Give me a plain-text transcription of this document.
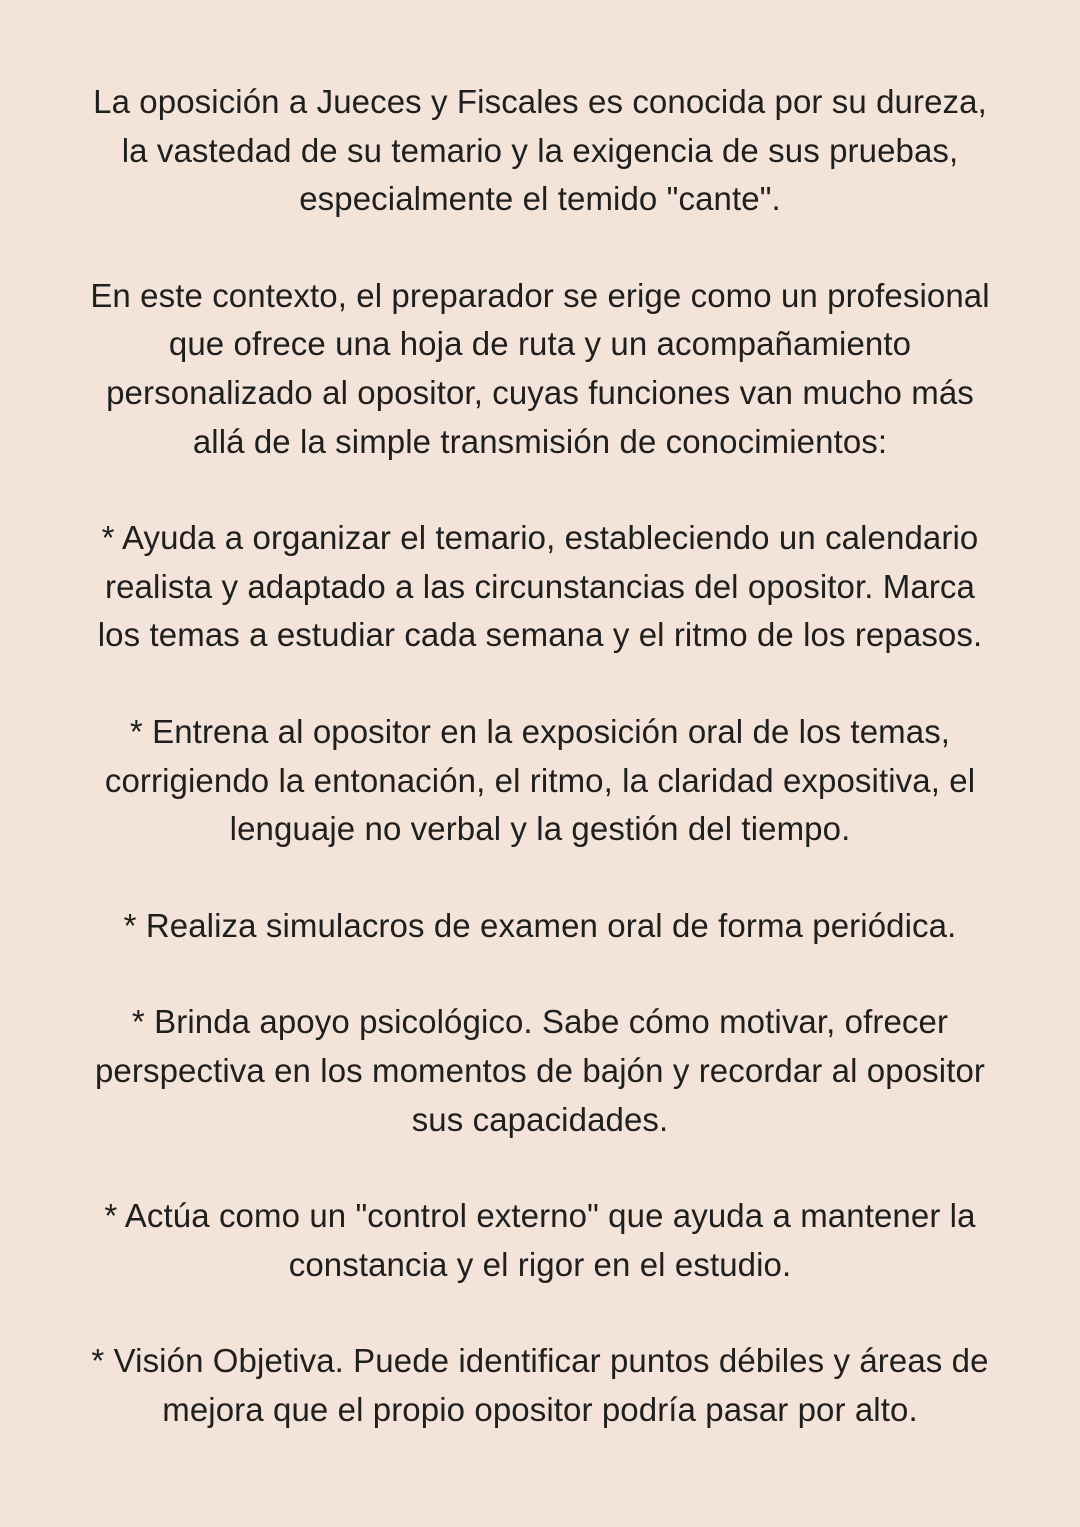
La oposición a Jueces y Fiscales es conocida por su dureza,
la vastedad de su temario y la exigencia de sus pruebas,
especialmente el temido "cante".

En este contexto, el preparador se erige como un profesional
que ofrece una hoja de ruta y un acompañamiento
personalizado al opositor, cuyas funciones van mucho más
allá de la simple transmisión de conocimientos:

* Ayuda a organizar el temario, estableciendo un calendario
realista y adaptado a las circunstancias del opositor. Marca
los temas a estudiar cada semana y el ritmo de los repasos.

* Entrena al opositor en la exposición oral de los temas,
corrigiendo la entonación, el ritmo, la claridad expositiva, el
lenguaje no verbal y la gestión del tiempo.

* Realiza simulacros de examen oral de forma periódica.

* Brinda apoyo psicológico. Sabe cómo motivar, ofrecer
perspectiva en los momentos de bajón y recordar al opositor
sus capacidades.

* Actúa como un "control externo" que ayuda a mantener la
constancia y el rigor en el estudio.

* Visión Objetiva. Puede identificar puntos débiles y áreas de
mejora que el propio opositor podría pasar por alto.
